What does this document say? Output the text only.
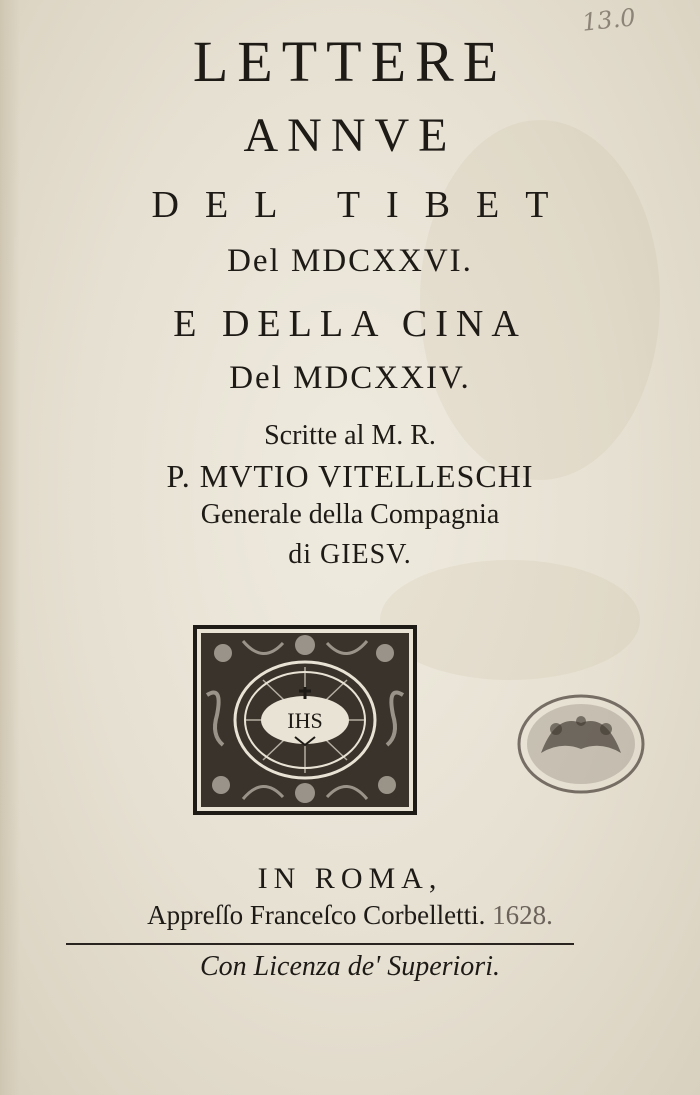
13.0
LETTERE
ANNVE
DEL TIBET
Del MDCXXVI.
E DELLA CINA
Del MDCXXIV.
Scritte al M. R.
P. MVTIO VITELLESCHI
Generale della Compagnia
di GIESV.
IHS
IN ROMA,
Appreſſo Franceſco Corbelletti. 1628.
Con Licenza de' Superiori.
